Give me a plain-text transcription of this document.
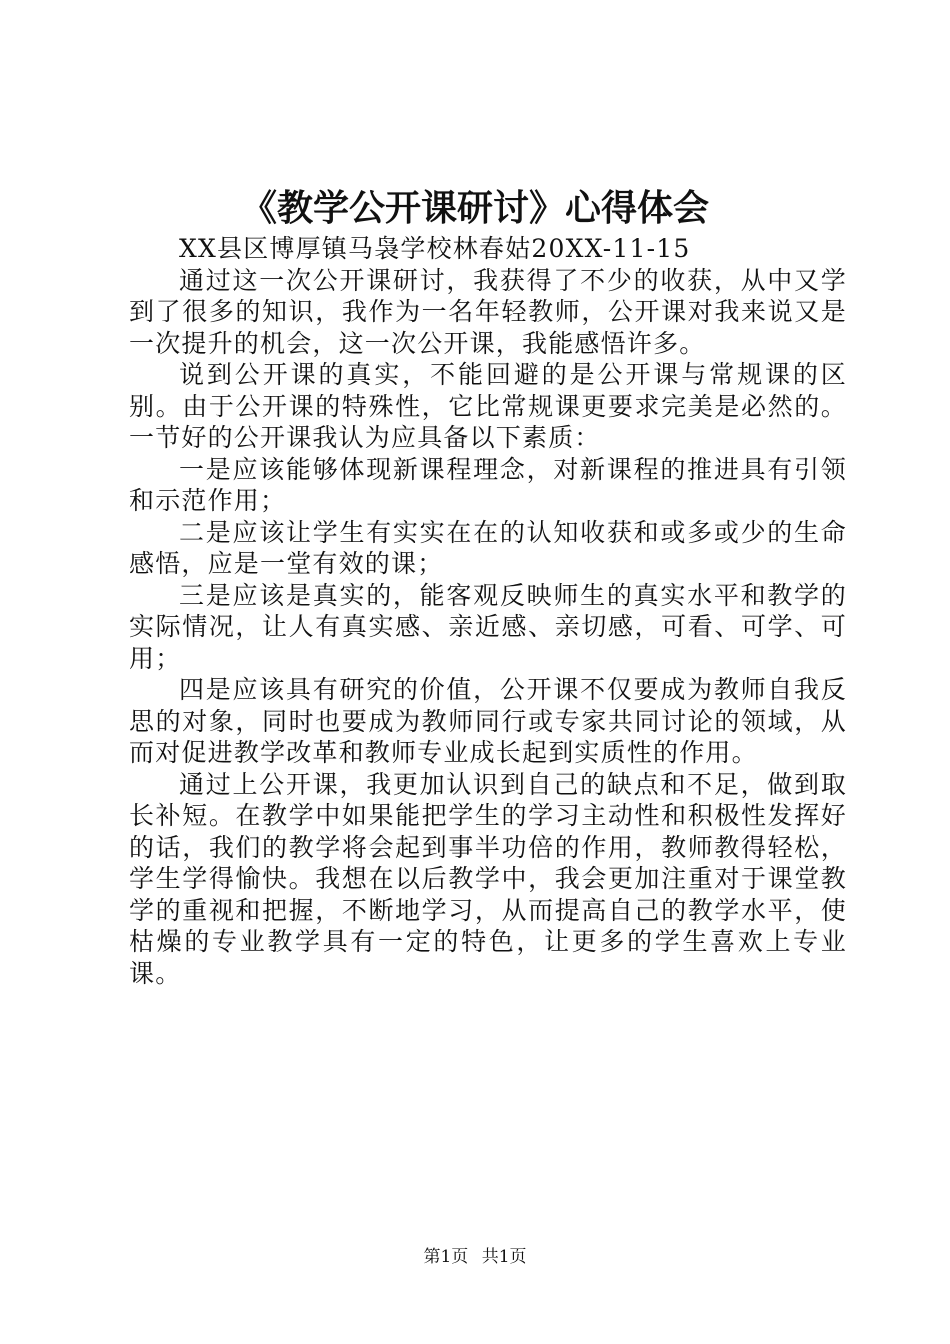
《教学公开课研讨》心得体会

XX县区博厚镇马袅学校林春姑20XX-11-15

通过这一次公开课研讨，我获得了不少的收获，从中又学到了很多的知识，我作为一名年轻教师，公开课对我来说又是一次提升的机会，这一次公开课，我能感悟许多。

说到公开课的真实，不能回避的是公开课与常规课的区别。由于公开课的特殊性，它比常规课更要求完美是必然的。一节好的公开课我认为应具备以下素质：

一是应该能够体现新课程理念，对新课程的推进具有引领和示范作用；

二是应该让学生有实实在在的认知收获和或多或少的生命感悟，应是一堂有效的课；

三是应该是真实的，能客观反映师生的真实水平和教学的实际情况，让人有真实感、亲近感、亲切感，可看、可学、可用；

四是应该具有研究的价值，公开课不仅要成为教师自我反思的对象，同时也要成为教师同行或专家共同讨论的领域，从而对促进教学改革和教师专业成长起到实质性的作用。

通过上公开课，我更加认识到自己的缺点和不足，做到取长补短。在教学中如果能把学生的学习主动性和积极性发挥好的话，我们的教学将会起到事半功倍的作用，教师教得轻松，学生学得愉快。我想在以后教学中，我会更加注重对于课堂教学的重视和把握，不断地学习，从而提高自己的教学水平，使枯燥的专业教学具有一定的特色，让更多的学生喜欢上专业课。

第1页 共1页
